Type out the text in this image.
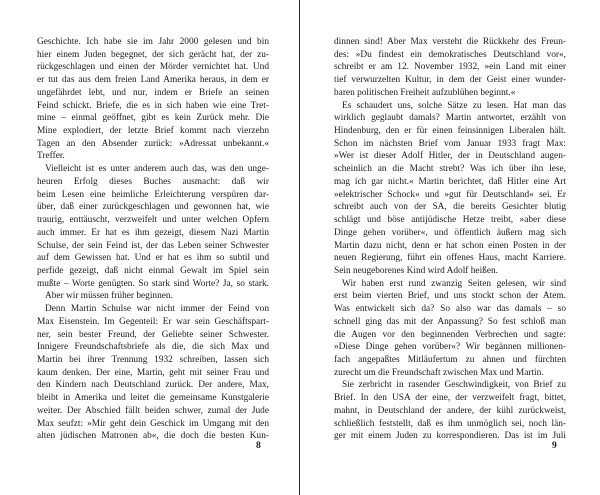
Geschichte. Ich habe sie im Jahr 2000 gelesen und bin
hier einem Juden begegnet, der sich gerächt hat, der zu-
rückgeschlagen und einen der Mörder vernichtet hat. Und
er tut das aus dem freien Land Amerika heraus, in dem er
ungefährdet lebt, und nur, indem er Briefe an seinen
Feind schickt. Briefe, die es in sich haben wie eine Tret-
mine – einmal geöffnet, gibt es kein Zurück mehr. Die
Mine explodiert, der letzte Brief kommt nach vierzehn
Tagen an den Absender zurück: »Adressat unbekannt.«
Treffer.
Vielleicht ist es unter anderem auch das, was den unge-
heuren Erfolg dieses Buches ausmacht: daß wir
beim Lesen eine heimliche Erleichterung verspüren dar-
über, daß einer zurückgeschlagen und gewonnen hat, wie
traurig, enttäuscht, verzweifelt und unter welchen Opfern
auch immer. Er hat es ihm gezeigt, diesem Nazi Martin
Schulse, der sein Feind ist, der das Leben seiner Schwester
auf dem Gewissen hat. Und er hat es ihm so subtil und
perfide gezeigt, daß nicht einmal Gewalt im Spiel sein
mußte – Worte genügten. So stark sind Worte? Ja, so stark.
Aber wir müssen früher beginnen.
Denn Martin Schulse war nicht immer der Feind von
Max Eisenstein. Im Gegenteil: Er war sein Geschäftspart-
ner, sein bester Freund, der Geliebte seiner Schwester.
Innigere Freundschaftsbriefe als die, die sich Max und
Martin bei ihrer Trennung 1932 schreiben, lassen sich
kaum denken. Der eine, Martin, geht mit seiner Frau und
den Kindern nach Deutschland zurück. Der andere, Max,
bleibt in Amerika und leitet die gemeinsame Kunstgalerie
weiter. Der Abschied fällt beiden schwer, zumal der Jude
Max seufzt: »Mir geht dein Geschick im Umgang mit den
alten jüdischen Matronen ab«, die doch die besten Kun-
8
dinnen sind! Aber Max versteht die Rückkehr des Freun-
des: »Du findest ein demokratisches Deutschland vor«,
schreibt er am 12. November 1932, »ein Land mit einer
tief verwurzelten Kultur, in dem der Geist einer wunder-
baren politischen Freiheit aufzublühen beginnt.«
Es schaudert uns, solche Sätze zu lesen. Hat man das
wirklich geglaubt damals? Martin antwortet, erzählt von
Hindenburg, den er für einen feinsinnigen Liberalen hält.
Schon im nächsten Brief vom Januar 1933 fragt Max:
»Wer ist dieser Adolf Hitler, der in Deutschland augen-
scheinlich an die Macht strebt? Was ich über ihn lese,
mag ich gar nicht.« Martin berichtet, daß Hitler eine Art
»elektrischer Schock« und »gut für Deutschland« sei. Er
schreibt auch von der SA, die bereits Gesichter blutig
schlägt und böse antijüdische Hetze treibt, »aber diese
Dinge gehen vorüber«, und öffentlich äußern mag sich
Martin dazu nicht, denn er hat schon einen Posten in der
neuen Regierung, führt ein offenes Haus, macht Karriere.
Sein neugeborenes Kind wird Adolf heißen.
Wir haben erst rund zwanzig Seiten gelesen, wir sind
erst beim vierten Brief, und uns stockt schon der Atem.
Was entwickelt sich da? So also war das damals – so
schnell ging das mit der Anpassung? So fest schloß man
die Augen vor den beginnenden Verbrechen und sagte:
»Diese Dinge gehen vorüber«? Wir begännen millionen-
fach angepaßtes Mitläufertum zu ahnen und fürchten
zurecht um die Freundschaft zwischen Max und Martin.
Sie zerbricht in rasender Geschwindigkeit, von Brief zu
Brief. In den USA der eine, der verzweifelt fragt, bittet,
mahnt, in Deutschland der andere, der kühl zurückweist,
schließlich feststellt, daß es ihm unmöglich sei, noch län-
ger mit einem Juden zu korrespondieren. Das ist im Juli
9
